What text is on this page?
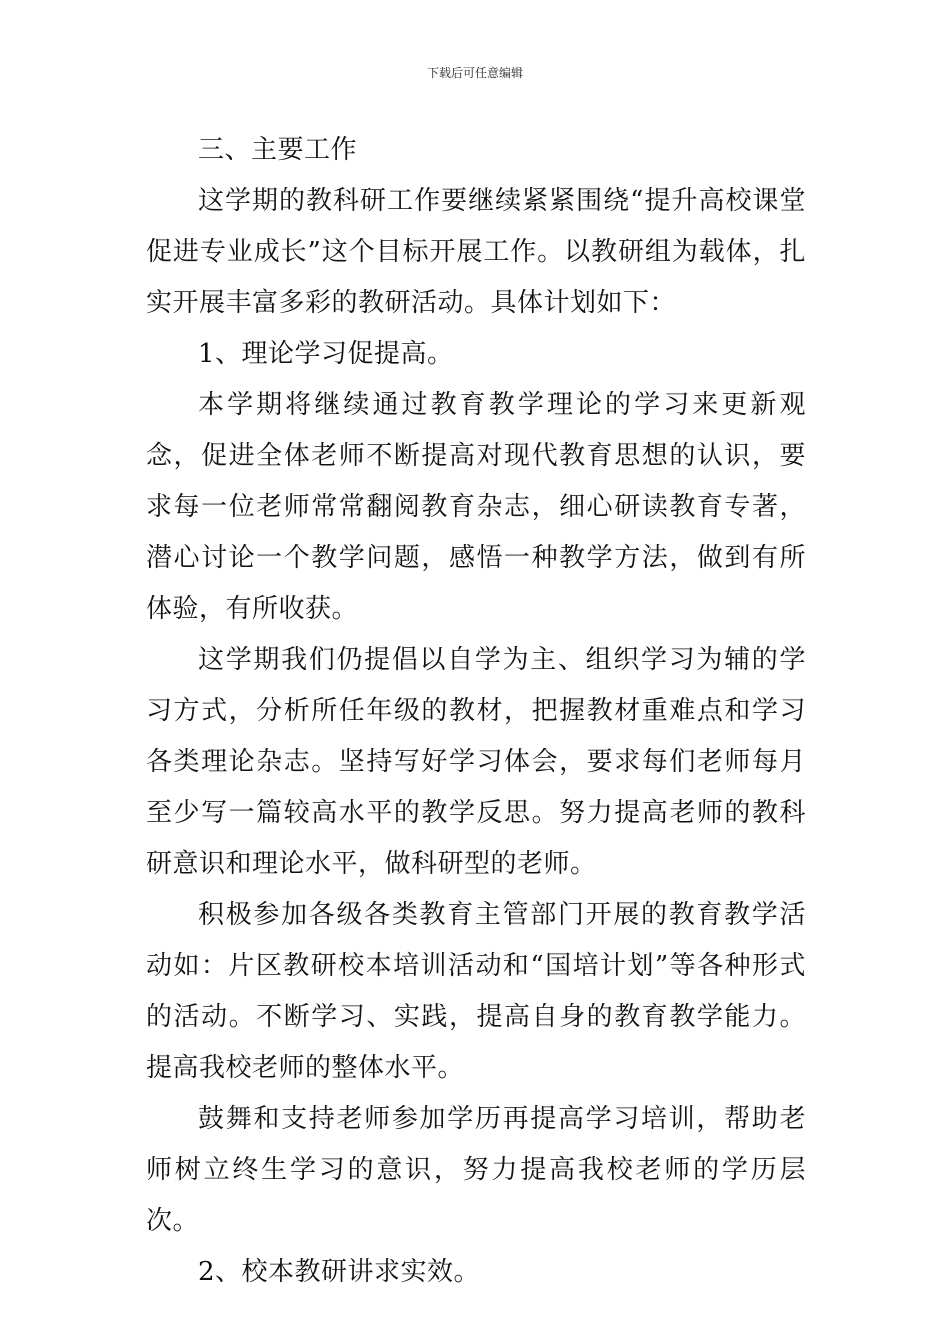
下载后可任意编辑

三、主要工作

这学期的教科研工作要继续紧紧围绕“提升高校课堂促进专业成长”这个目标开展工作。以教研组为载体，扎实开展丰富多彩的教研活动。具体计划如下：

1、理论学习促提高。

本学期将继续通过教育教学理论的学习来更新观念，促进全体老师不断提高对现代教育思想的认识，要求每一位老师常常翻阅教育杂志，细心研读教育专著，潜心讨论一个教学问题，感悟一种教学方法，做到有所体验，有所收获。

这学期我们仍提倡以自学为主、组织学习为辅的学习方式，分析所任年级的教材，把握教材重难点和学习各类理论杂志。坚持写好学习体会，要求每们老师每月至少写一篇较高水平的教学反思。努力提高老师的教科研意识和理论水平，做科研型的老师。

积极参加各级各类教育主管部门开展的教育教学活动如：片区教研校本培训活动和“国培计划”等各种形式的活动。不断学习、实践，提高自身的教育教学能力。提高我校老师的整体水平。

鼓舞和支持老师参加学历再提高学习培训，帮助老师树立终生学习的意识，努力提高我校老师的学历层次。

2、校本教研讲求实效。
